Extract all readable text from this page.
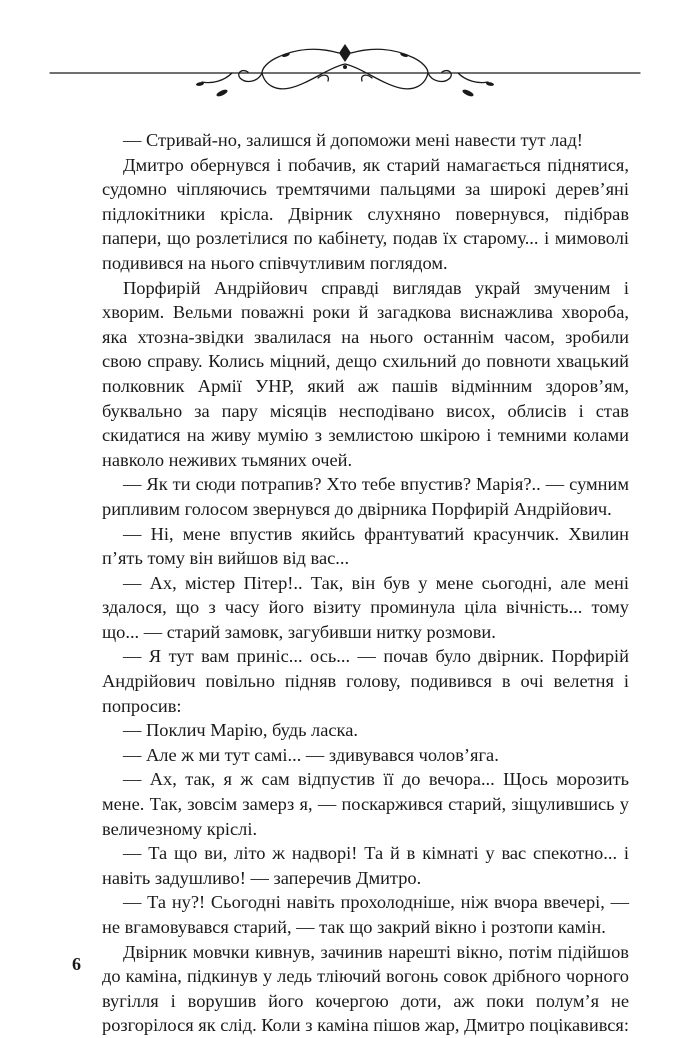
— Стривай-но, залишся й допоможи мені навести тут лад!

Дмитро обернувся і побачив, як старий намагається піднятися, судомно чіпляючись тремтячими пальцями за широкі дерев’яні підлокітники крісла. Двірник слухняно повернувся, підібрав папери, що розлетілися по кабінету, подав їх старому... і мимоволі подивився на нього співчутливим поглядом.

Порфирій Андрійович справді виглядав украй змученим і хворим. Вельми поважні роки й загадкова виснажлива хвороба, яка хтозна-звідки звалилася на нього останнім часом, зробили свою справу. Колись міцний, дещо схильний до повноти хвацький полковник Армії УНР, який аж пашів відмінним здоров’ям, буквально за пару місяців несподівано висох, облисів і став скидатися на живу мумію з землистою шкірою і темними колами навколо неживих тьмяних очей.

— Як ти сюди потрапив? Хто тебе впустив? Марія?.. — сумним рипливим голосом звернувся до двірника Порфирій Андрійович.

— Ні, мене впустив якийсь франтуватий красунчик. Хвилин п’ять тому він вийшов від вас...

— Ах, містер Пітер!.. Так, він був у мене сьогодні, але мені здалося, що з часу його візиту проминула ціла вічність... тому що... — старий замовк, загубивши нитку розмови.

— Я тут вам приніс... ось... — почав було двірник. Порфирій Андрійович повільно підняв голову, подивився в очі велетня і попросив:

— Поклич Марію, будь ласка.

— Але ж ми тут самі... — здивувався чолов’яга.

— Ах, так, я ж сам відпустив її до вечора... Щось морозить мене. Так, зовсім замерз я, — поскаржився старий, зіщулившись у величезному кріслі.

— Та що ви, літо ж надворі! Та й в кімнаті у вас спекотно... і навіть задушливо! — заперечив Дмитро.

— Та ну?! Сьогодні навіть прохолодніше, ніж вчора ввечері, — не вгамовувався старий, — так що закрий вікно і розтопи камін.

Двірник мовчки кивнув, зачинив нарешті вікно, потім підійшов до каміна, підкинув у ледь тліючий вогонь совок дрібного чорного вугілля і ворушив його кочергою доти, аж поки полум’я не розгорілося як слід. Коли з каміна пішов жар, Дмитро поцікавився:

6
